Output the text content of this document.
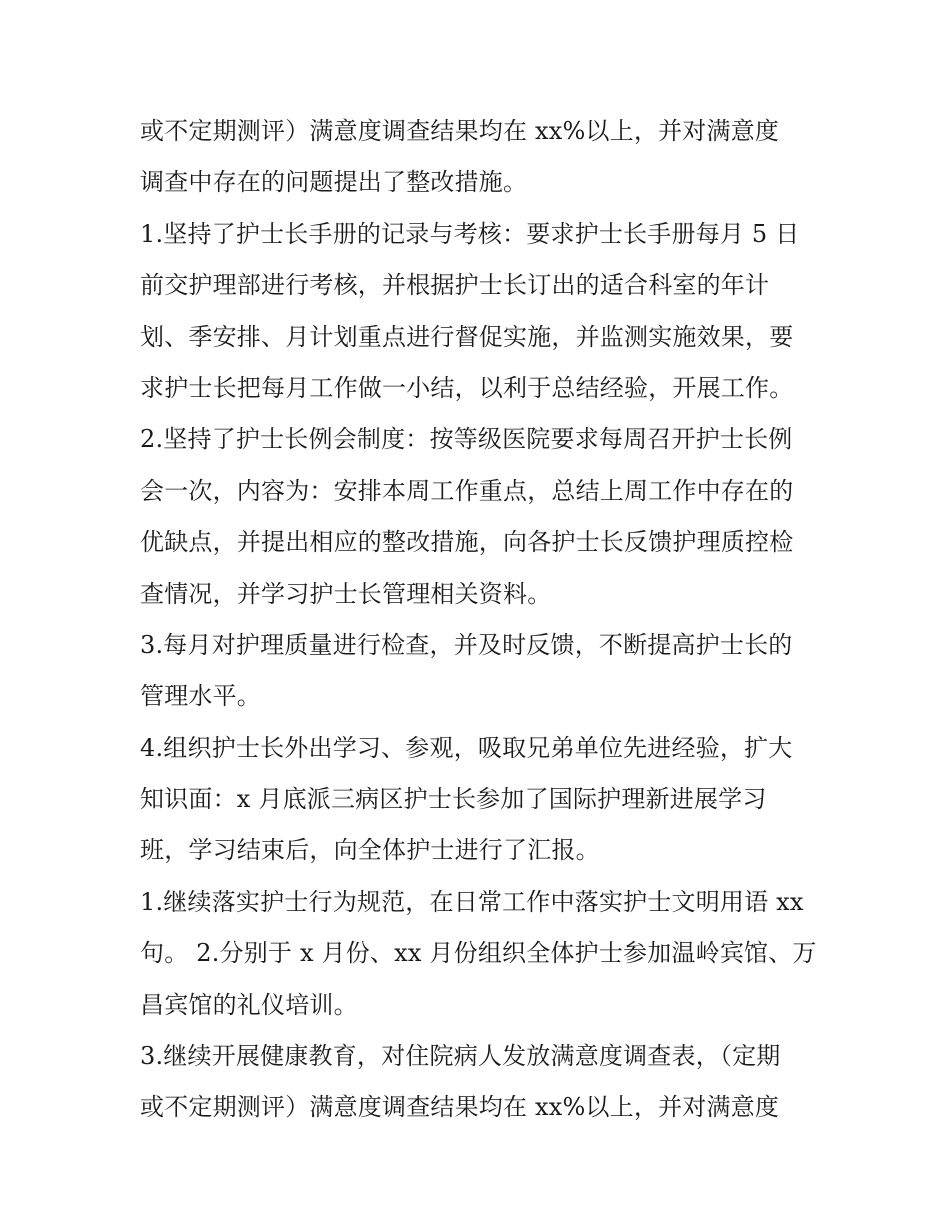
或不定期测评）满意度调查结果均在 xx%以上，并对满意度
调查中存在的问题提出了整改措施。
1.坚持了护士长手册的记录与考核：要求护士长手册每月 5 日
前交护理部进行考核，并根据护士长订出的适合科室的年计
划、季安排、月计划重点进行督促实施，并监测实施效果，要
求护士长把每月工作做一小结，以利于总结经验，开展工作。
2.坚持了护士长例会制度：按等级医院要求每周召开护士长例
会一次，内容为：安排本周工作重点，总结上周工作中存在的
优缺点，并提出相应的整改措施，向各护士长反馈护理质控检
查情况，并学习护士长管理相关资料。
3.每月对护理质量进行检查，并及时反馈，不断提高护士长的
管理水平。
4.组织护士长外出学习、参观，吸取兄弟单位先进经验，扩大
知识面：x 月底派三病区护士长参加了国际护理新进展学习
班，学习结束后，向全体护士进行了汇报。
1.继续落实护士行为规范，在日常工作中落实护士文明用语 xx
句。 2.分别于 x 月份、xx 月份组织全体护士参加温岭宾馆、万
昌宾馆的礼仪培训。
3.继续开展健康教育，对住院病人发放满意度调查表，（定期
或不定期测评）满意度调查结果均在 xx%以上，并对满意度
